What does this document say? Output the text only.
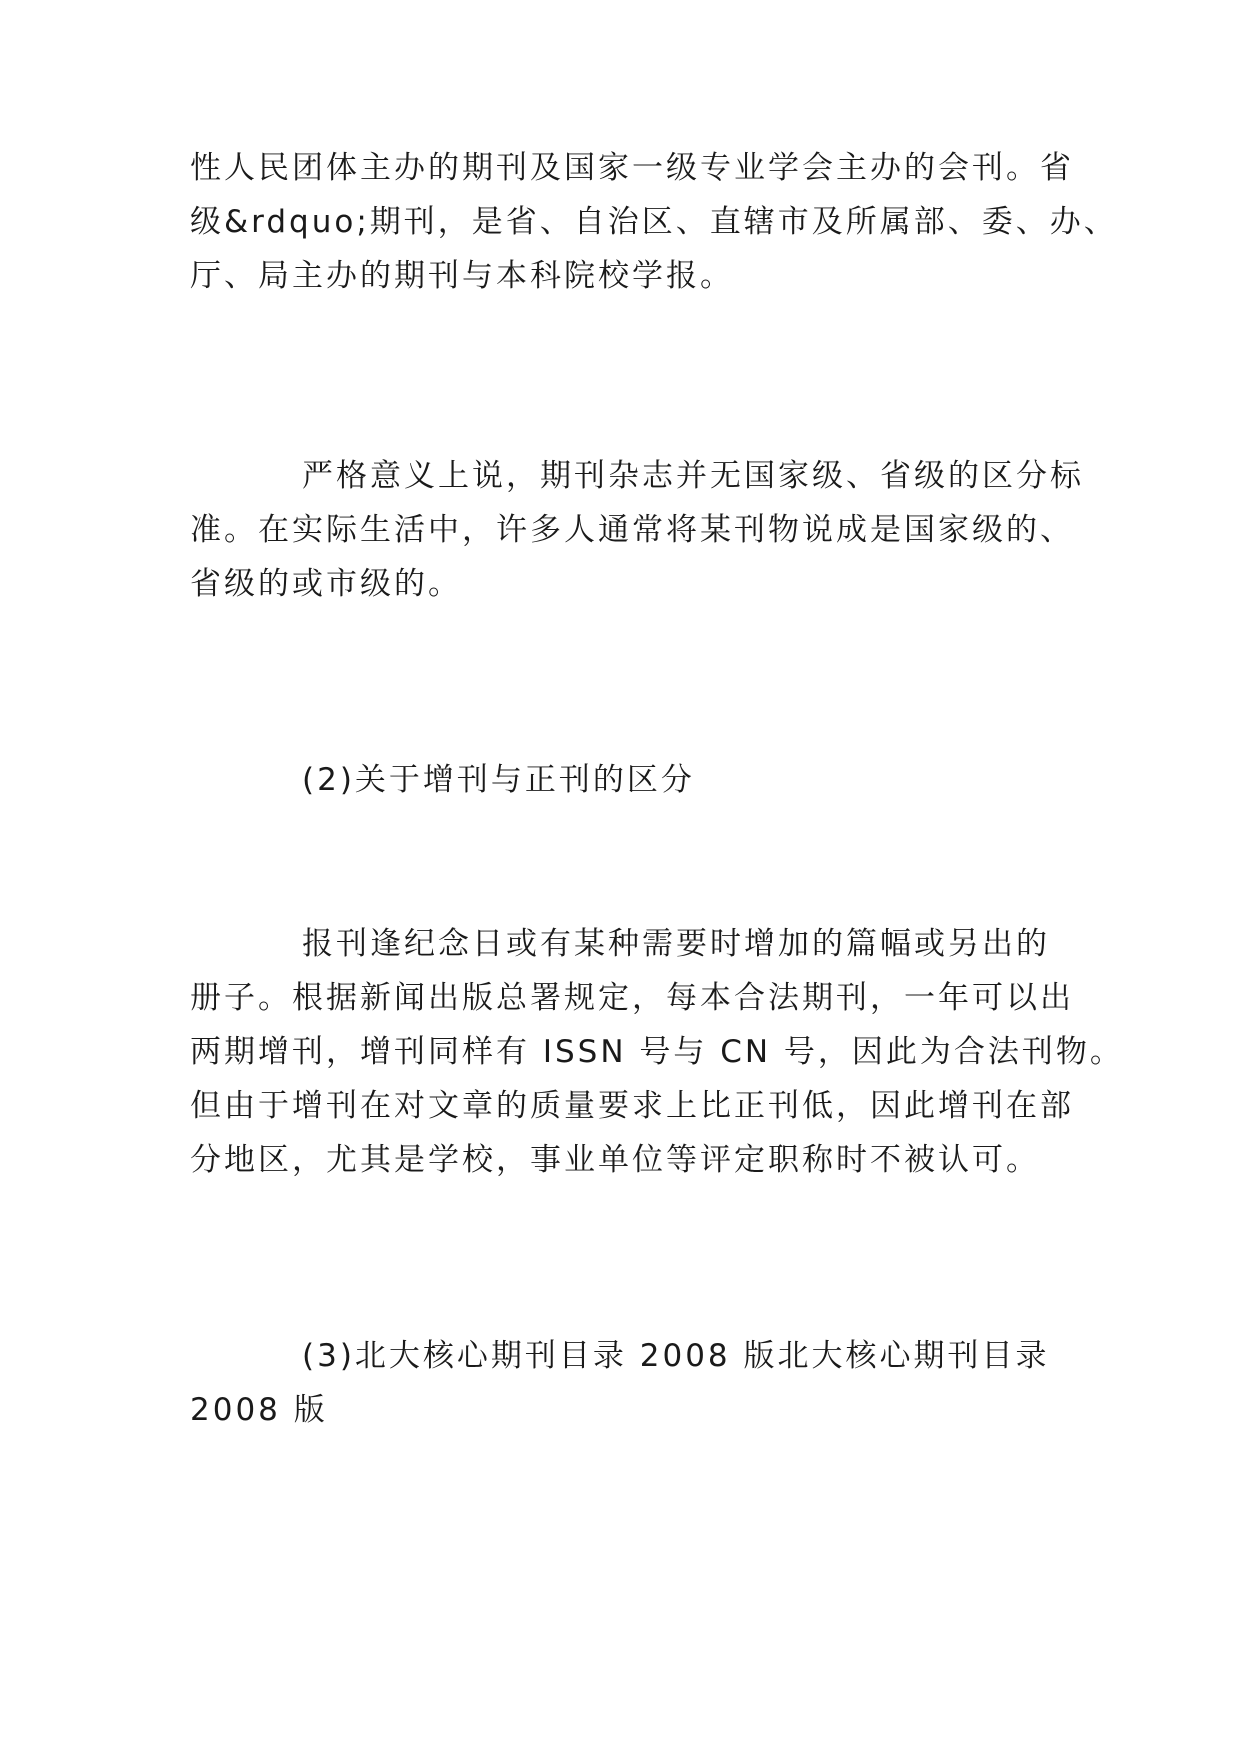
性人民团体主办的期刊及国家一级专业学会主办的会刊。省
级&rdquo;期刊，是省、自治区、直辖市及所属部、委、办、
厅、局主办的期刊与本科院校学报。
严格意义上说，期刊杂志并无国家级、省级的区分标
准。在实际生活中，许多人通常将某刊物说成是国家级的、
省级的或市级的。
(2)关于增刊与正刊的区分
报刊逢纪念日或有某种需要时增加的篇幅或另出的
册子。根据新闻出版总署规定，每本合法期刊，一年可以出
两期增刊，增刊同样有 ISSN 号与 CN 号，因此为合法刊物。
但由于增刊在对文章的质量要求上比正刊低，因此增刊在部
分地区，尤其是学校，事业单位等评定职称时不被认可。
(3)北大核心期刊目录 2008 版北大核心期刊目录
2008 版
